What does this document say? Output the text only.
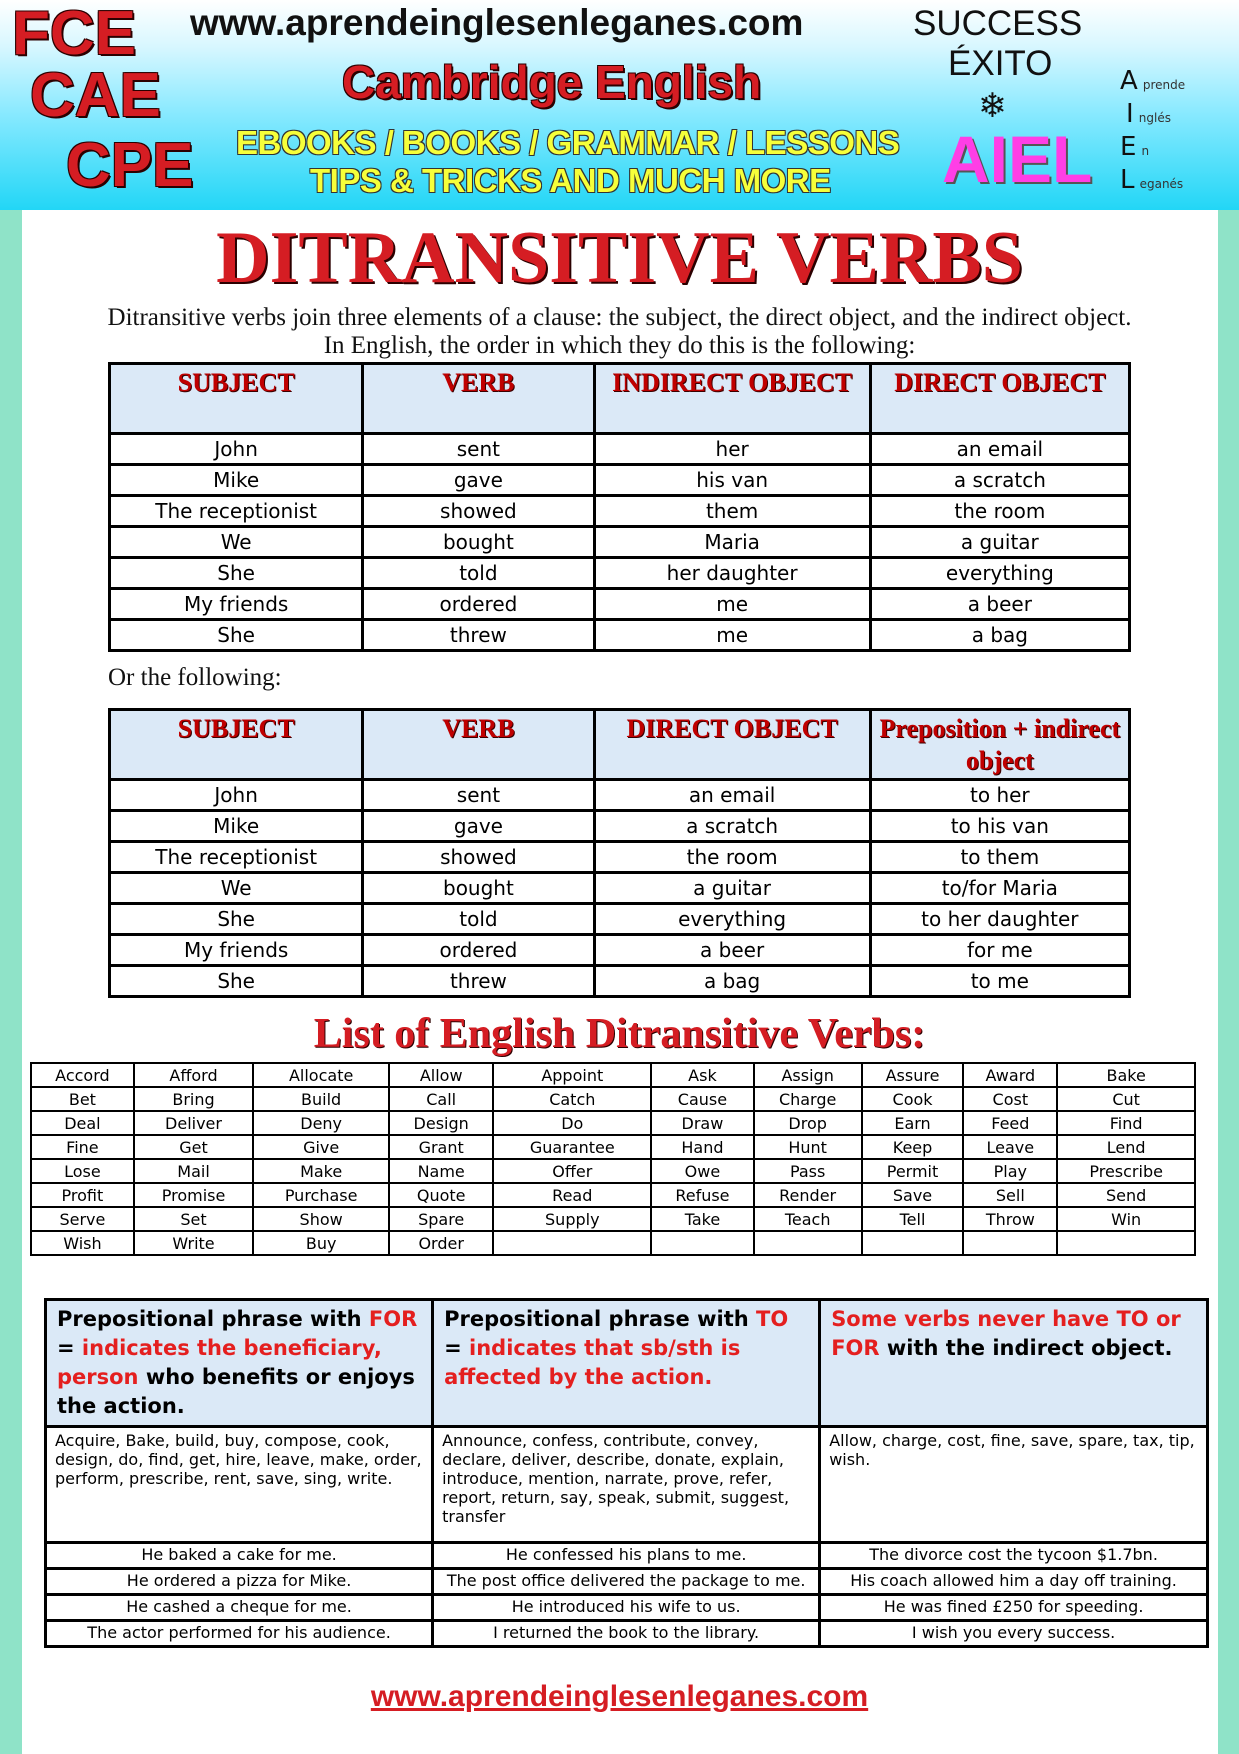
FCE
CAE
CPE
www.aprendeinglesenleganes.com
Cambridge English
EBOOKS / BOOKS / GRAMMAR / LESSONS
TIPS & TRICKS AND MUCH MORE
SUCCESS
ÉXITO
❄
AIEL
A prende
I nglés
E n
L eganés
DITRANSITIVE VERBS
Ditransitive verbs join three elements of a clause: the subject, the direct object, and the indirect object.
In English, the order in which they do this is the following:
SUBJECT	VERB	INDIRECT OBJECT	DIRECT OBJECT
John	sent	her	an email
Mike	gave	his van	a scratch
The receptionist	showed	them	the room
We	bought	Maria	a guitar
She	told	her daughter	everything
My friends	ordered	me	a beer
She	threw	me	a bag
Or the following:
SUBJECT	VERB	DIRECT OBJECT	Preposition + indirect object
John	sent	an email	to her
Mike	gave	a scratch	to his van
The receptionist	showed	the room	to them
We	bought	a guitar	to/for Maria
She	told	everything	to her daughter
My friends	ordered	a beer	for me
She	threw	a bag	to me
List of English Ditransitive Verbs:
Accord	Afford	Allocate	Allow	Appoint	Ask	Assign	Assure	Award	Bake
Bet	Bring	Build	Call	Catch	Cause	Charge	Cook	Cost	Cut
Deal	Deliver	Deny	Design	Do	Draw	Drop	Earn	Feed	Find
Fine	Get	Give	Grant	Guarantee	Hand	Hunt	Keep	Leave	Lend
Lose	Mail	Make	Name	Offer	Owe	Pass	Permit	Play	Prescribe
Profit	Promise	Purchase	Quote	Read	Refuse	Render	Save	Sell	Send
Serve	Set	Show	Spare	Supply	Take	Teach	Tell	Throw	Win
Wish	Write	Buy	Order						
Prepositional phrase with FOR = indicates the beneficiary, person who benefits or enjoys the action.	Prepositional phrase with TO = indicates that sb/sth is affected by the action.	Some verbs never have TO or FOR with the indirect object.
Acquire, Bake, build, buy, compose, cook, design, do, find, get, hire, leave, make, order, perform, prescribe, rent, save, sing, write.	Announce, confess, contribute, convey, declare, deliver, describe, donate, explain, introduce, mention, narrate, prove, refer, report, return, say, speak, submit, suggest, transfer	Allow, charge, cost, fine, save, spare, tax, tip, wish.
He baked a cake for me.	He confessed his plans to me.	The divorce cost the tycoon $1.7bn.
He ordered a pizza for Mike.	The post office delivered the package to me.	His coach allowed him a day off training.
He cashed a cheque for me.	He introduced his wife to us.	He was fined £250 for speeding.
The actor performed for his audience.	I returned the book to the library.	I wish you every success.
www.aprendeinglesenleganes.com
